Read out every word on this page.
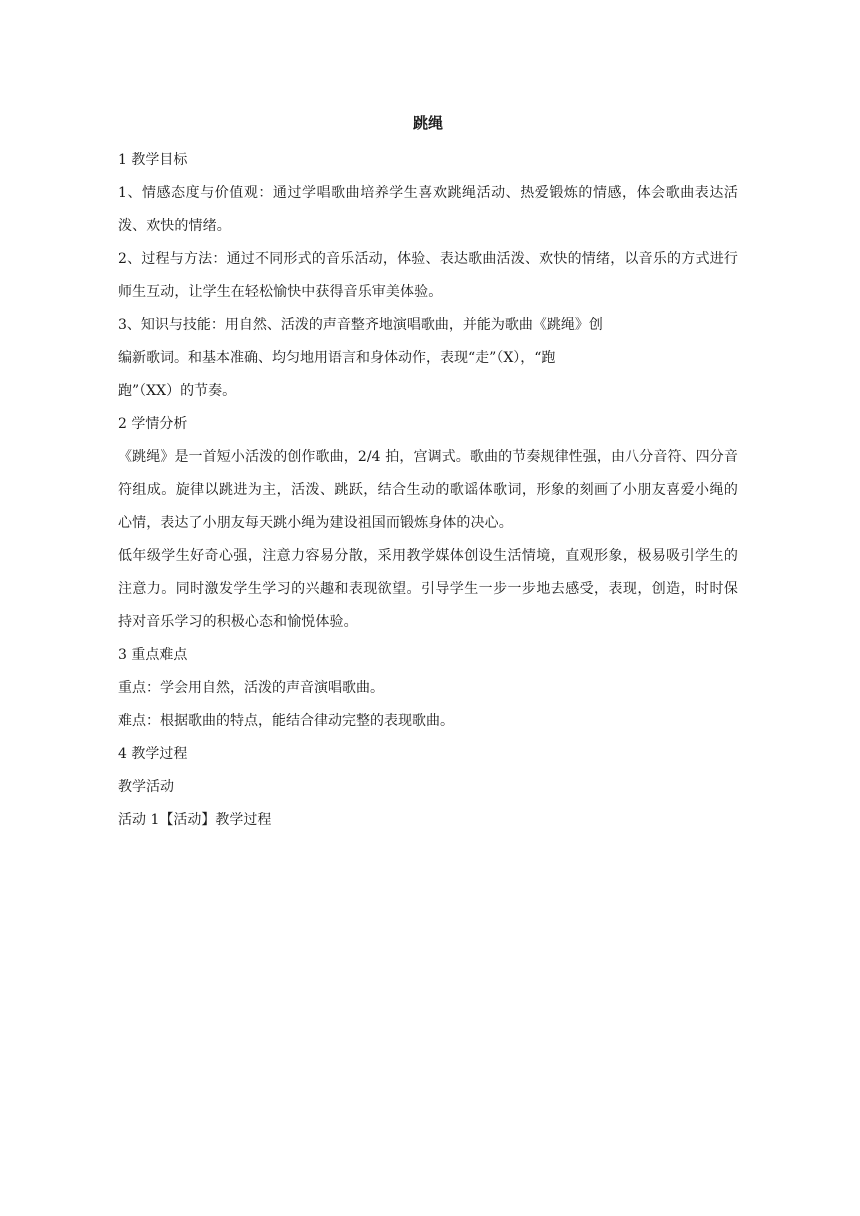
跳绳

1 教学目标

1、情感态度与价值观：通过学唱歌曲培养学生喜欢跳绳活动、热爱锻炼的情感，体会歌曲表达活泼、欢快的情绪。

2、过程与方法：通过不同形式的音乐活动，体验、表达歌曲活泼、欢快的情绪，以音乐的方式进行师生互动，让学生在轻松愉快中获得音乐审美体验。

3、知识与技能：用自然、活泼的声音整齐地演唱歌曲，并能为歌曲《跳绳》创

编新歌词。和基本准确、均匀地用语言和身体动作，表现“走”（X），“跑

跑”（XX）的节奏。

2 学情分析

《跳绳》是一首短小活泼的创作歌曲，2/4 拍，宫调式。歌曲的节奏规律性强，由八分音符、四分音符组成。旋律以跳进为主，活泼、跳跃，结合生动的歌谣体歌词，形象的刻画了小朋友喜爱小绳的心情，表达了小朋友每天跳小绳为建设祖国而锻炼身体的决心。

低年级学生好奇心强，注意力容易分散，采用教学媒体创设生活情境，直观形象，极易吸引学生的注意力。同时激发学生学习的兴趣和表现欲望。引导学生一步一步地去感受，表现，创造，时时保持对音乐学习的积极心态和愉悦体验。

3 重点难点

重点：学会用自然，活泼的声音演唱歌曲。

难点：根据歌曲的特点，能结合律动完整的表现歌曲。

4 教学过程

教学活动

活动 1【活动】教学过程
